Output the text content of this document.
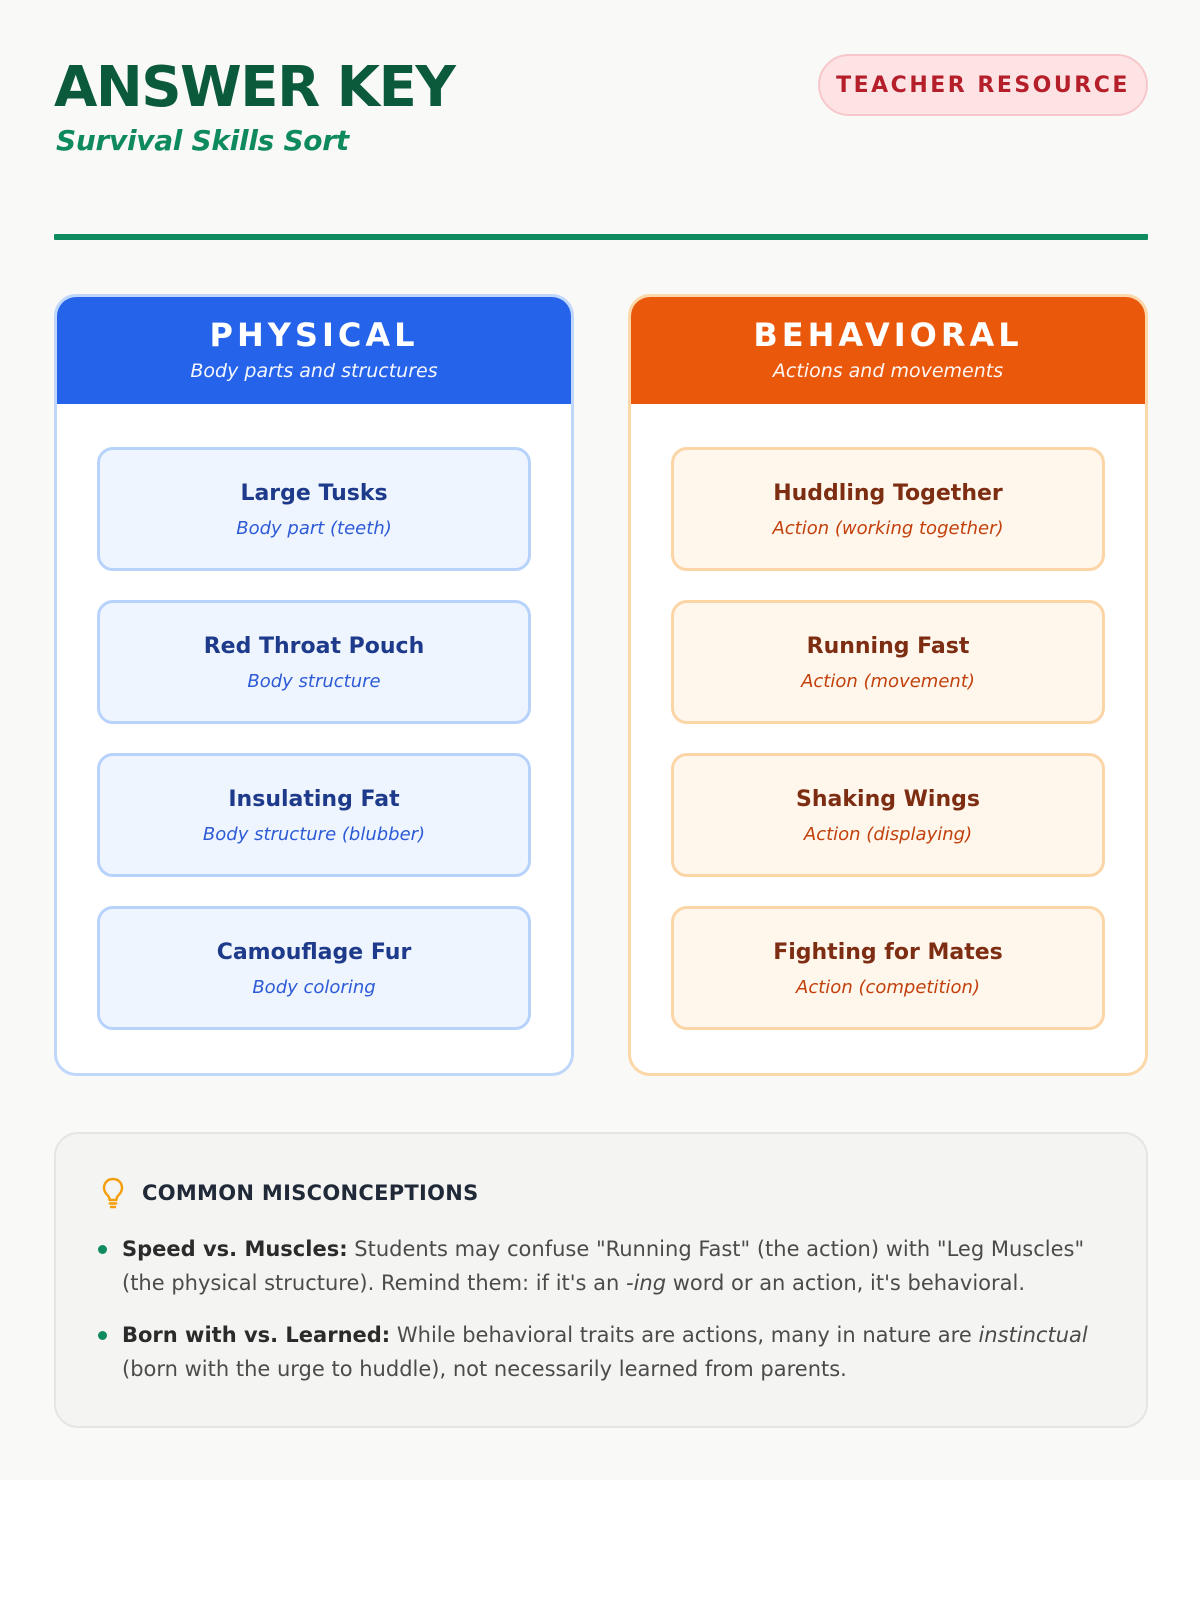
ANSWER KEY
Survival Skills Sort
TEACHER RESOURCE
PHYSICAL
Body parts and structures
Large Tusks
Body part (teeth)
Red Throat Pouch
Body structure
Insulating Fat
Body structure (blubber)
Camouflage Fur
Body coloring
BEHAVIORAL
Actions and movements
Huddling Together
Action (working together)
Running Fast
Action (movement)
Shaking Wings
Action (displaying)
Fighting for Mates
Action (competition)
COMMON MISCONCEPTIONS
Speed vs. Muscles: Students may confuse "Running Fast" (the action) with "Leg Muscles" (the physical structure). Remind them: if it's an -ing word or an action, it's behavioral.
Born with vs. Learned: While behavioral traits are actions, many in nature are instinctual (born with the urge to huddle), not necessarily learned from parents.
